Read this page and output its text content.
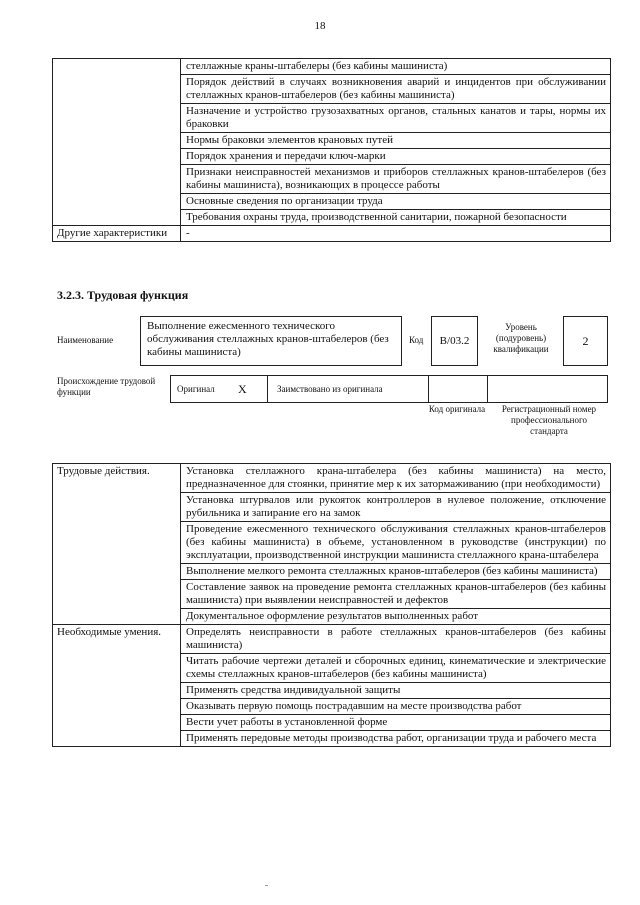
18
	стеллажные краны-штабелеры (без кабины машиниста)
	Порядок действий в случаях возникновения аварий и инцидентов при обслуживании стеллажных кранов-штабелеров (без кабины машиниста)
	Назначение и устройство грузозахватных органов, стальных канатов и тары, нормы их браковки
	Нормы браковки элементов крановых путей
	Порядок хранения и передачи ключ-марки
	Признаки неисправностей механизмов и приборов стеллажных кранов-штабелеров (без кабины машиниста), возникающих в процессе работы
	Основные сведения по организации труда
	Требования охраны труда, производственной санитарии, пожарной безопасности
Другие характеристики	-
3.2.3. Трудовая функция
Наименование
Выполнение ежесменного технического обслуживания стеллажных кранов-штабелеров (без кабины машиниста)
Код	B/03.2
Уровень (подуровень) квалификации
2
Происхождение трудовой функции	Оригинал X	Заимствовано из оригинала
Код оригинала	Регистрационный номер профессионального стандарта
Трудовые действия.	Установка стеллажного крана-штабелера (без кабины машиниста) на место, предназначенное для стоянки, принятие мер к их затормаживанию (при необходимости)
	Установка штурвалов или рукояток контроллеров в нулевое положение, отключение рубильника и запирание его на замок
	Проведение ежесменного технического обслуживания стеллажных кранов-штабелеров (без кабины машиниста) в объеме, установленном в руководстве (инструкции) по эксплуатации, производственной инструкции машиниста стеллажного крана-штабелера
	Выполнение мелкого ремонта стеллажных кранов-штабелеров (без кабины машиниста)
	Составление заявок на проведение ремонта стеллажных кранов-штабелеров (без кабины машиниста) при выявлении неисправностей и дефектов
	Документальное оформление результатов выполненных работ
Необходимые умения.	Определять неисправности в работе стеллажных кранов-штабелеров (без кабины машиниста)
	Читать рабочие чертежи деталей и сборочных единиц, кинематические и электрические схемы стеллажных кранов-штабелеров (без кабины машиниста)
	Применять средства индивидуальной защиты
	Оказывать первую помощь пострадавшим на месте производства работ
	Вести учет работы в установленной форме
	Применять передовые методы производства работ, организации труда и рабочего места
